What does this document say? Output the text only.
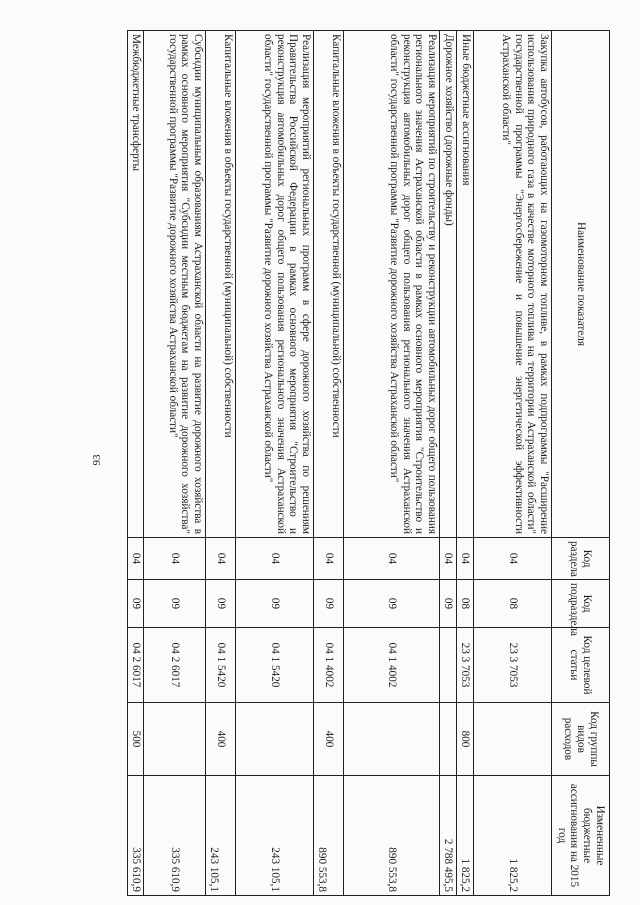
93
Наименование показателя	Код раздела	Код подраздела	Код целевой статьи	Код группы видов расходов	Измененные бюджетные ассигнования на 2015 год
Закупка автобусов, работающих на газомоторном топливе, в рамках подпрограммы "Расширение использования природного газа в качестве моторного топлива на территории Астраханской области" государственной программы "Энергосбережение и повышение энергетической эффективности Астраханской области"	04	08	23 3 7053		1 825,2
Иные бюджетные ассигнования	04	08	23 3 7053	800	1 825,2
Дорожное хозяйство (дорожные фонды)	04	09			2 788 495,5
Реализация мероприятий по строительству и реконструкции автомобильных дорог общего пользования регионального значения Астраханской области в рамках основного мероприятия "Строительство и реконструкция автомобильных дорог общего пользования регионального значения Астраханской области" государственной программы "Развитие дорожного хозяйства Астраханской области"	04	09	04 1 4002		890 553,8
Капитальные вложения в объекты государственной (муниципальной) собственности	04	09	04 1 4002	400	890 553,8
Реализация мероприятий региональных программ в сфере дорожного хозяйства по решениям Правительства Российской Федерации в рамках основного мероприятия "Строительство и реконструкция автомобильных дорог общего пользования регионального значения Астраханской области" государственной программы "Развитие дорожного хозяйства Астраханской области"	04	09	04 1 5420		243 105,1
Капитальные вложения в объекты государственной (муниципальной) собственности	04	09	04 1 5420	400	243 105,1
Субсидии муниципальным образованиям Астраханской области на развитие дорожного хозяйства в рамках основного мероприятия "Субсидии местным бюджетам на развитие дорожного хозяйства" государственной программы "Развитие дорожного хозяйства Астраханской области"	04	09	04 2 6017		335 610,9
Межбюджетные трансферты	04	09	04 2 6017	500	335 610,9
